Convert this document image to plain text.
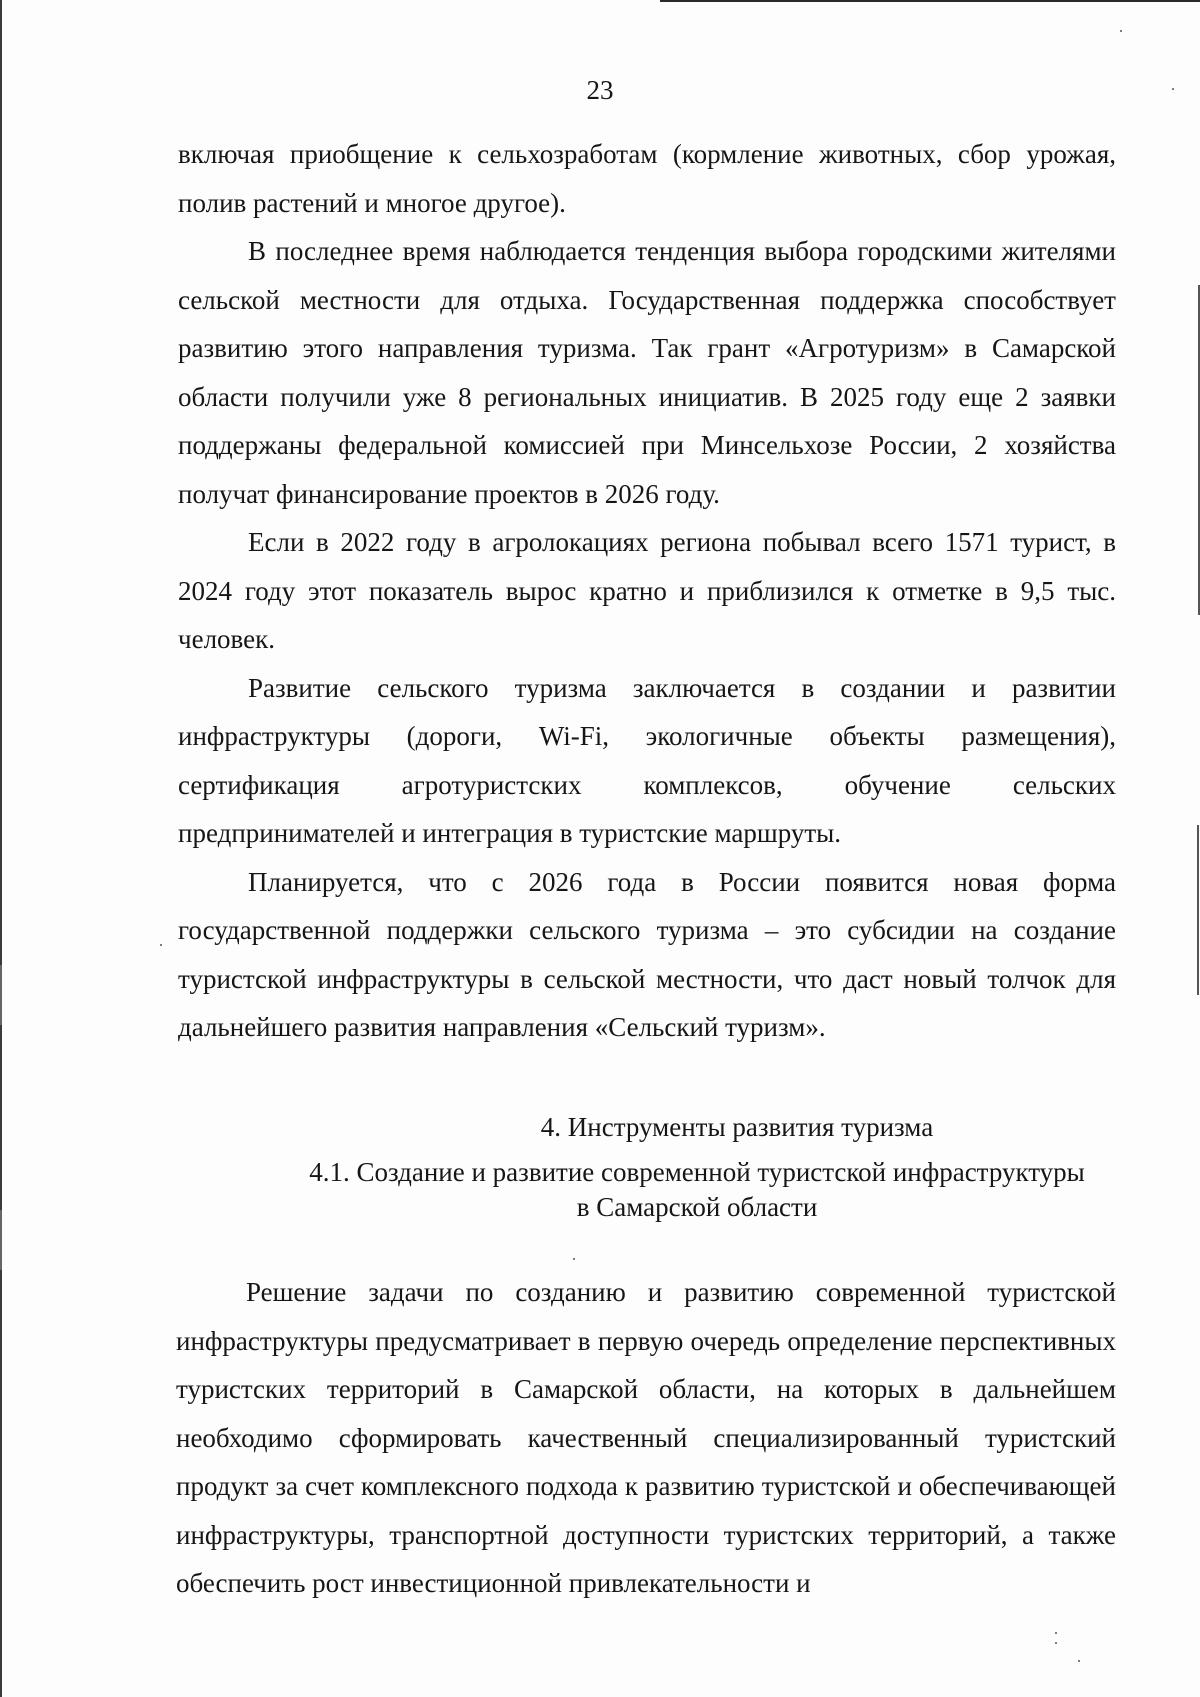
23

включая приобщение к сельхозработам (кормление животных, сбор урожая, полив растений и многое другое).

В последнее время наблюдается тенденция выбора городскими жителями сельской местности для отдыха. Государственная поддержка способствует развитию этого направления туризма. Так грант «Агротуризм» в Самарской области получили уже 8 региональных инициатив. В 2025 году еще 2 заявки поддержаны федеральной комиссией при Минсельхозе России, 2 хозяйства получат финансирование проектов в 2026 году.

Если в 2022 году в агролокациях региона побывал всего 1571 турист, в 2024 году этот показатель вырос кратно и приблизился к отметке в 9,5 тыс. человек.

Развитие сельского туризма заключается в создании и развитии инфраструктуры (дороги, Wi-Fi, экологичные объекты размещения), сертификация агротуристских комплексов, обучение сельских предпринимателей и интеграция в туристские маршруты.

Планируется, что с 2026 года в России появится новая форма государственной поддержки сельского туризма – это субсидии на создание туристской инфраструктуры в сельской местности, что даст новый толчок для дальнейшего развития направления «Сельский туризм».

4. Инструменты развития туризма
4.1. Создание и развитие современной туристской инфраструктуры
в Самарской области

Решение задачи по созданию и развитию современной туристской инфраструктуры предусматривает в первую очередь определение перспективных туристских территорий в Самарской области, на которых в дальнейшем необходимо сформировать качественный специализированный туристский продукт за счет комплексного подхода к развитию туристской и обеспечивающей инфраструктуры, транспортной доступности туристских территорий, а также обеспечить рост инвестиционной привлекательности и
